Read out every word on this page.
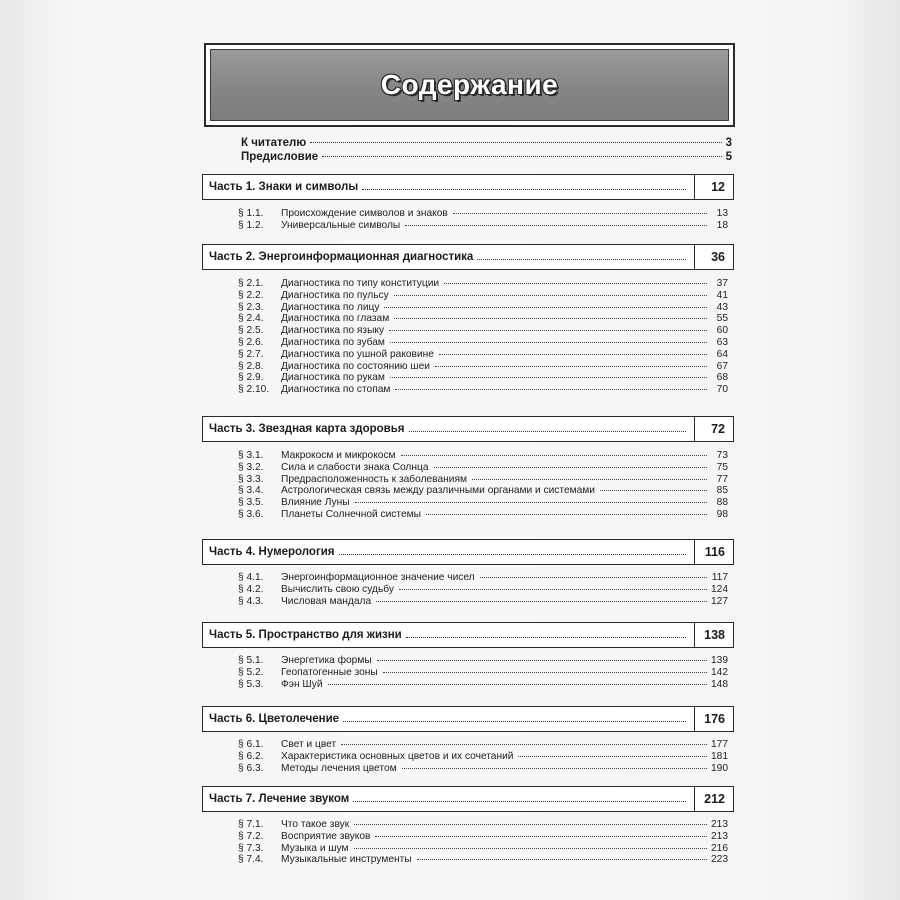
Содержание
К читателю	3
Предисловие	5
Часть 1. Знаки и символы	12
§ 1.1.	Происхождение символов и знаков	13
§ 1.2.	Универсальные символы	18
Часть 2. Энергоинформационная диагностика	36
§ 2.1.	Диагностика по типу конституции	37
§ 2.2.	Диагностика по пульсу	41
§ 2.3.	Диагностика по лицу	43
§ 2.4.	Диагностика по глазам	55
§ 2.5.	Диагностика по языку	60
§ 2.6.	Диагностика по зубам	63
§ 2.7.	Диагностика по ушной раковине	64
§ 2.8.	Диагностика по состоянию шеи	67
§ 2.9.	Диагностика по рукам	68
§ 2.10.	Диагностика по стопам	70
Часть 3. Звездная карта здоровья	72
§ 3.1.	Макрокосм и микрокосм	73
§ 3.2.	Сила и слабости знака Солнца	75
§ 3.3.	Предрасположенность к заболеваниям	77
§ 3.4.	Астрологическая связь между различными органами и системами	85
§ 3.5.	Влияние Луны	88
§ 3.6.	Планеты Солнечной системы	98
Часть 4. Нумерология	116
§ 4.1.	Энергоинформационное значение чисел	117
§ 4.2.	Вычислить свою судьбу	124
§ 4.3.	Числовая мандала	127
Часть 5. Пространство для жизни	138
§ 5.1.	Энергетика формы	139
§ 5.2.	Геопатогенные зоны	142
§ 5.3.	Фэн Шуй	148
Часть 6. Цветолечение	176
§ 6.1.	Свет и цвет	177
§ 6.2.	Характеристика основных цветов и их сочетаний	181
§ 6.3.	Методы лечения цветом	190
Часть 7. Лечение звуком	212
§ 7.1.	Что такое звук	213
§ 7.2.	Восприятие звуков	213
§ 7.3.	Музыка и шум	216
§ 7.4.	Музыкальные инструменты	223
